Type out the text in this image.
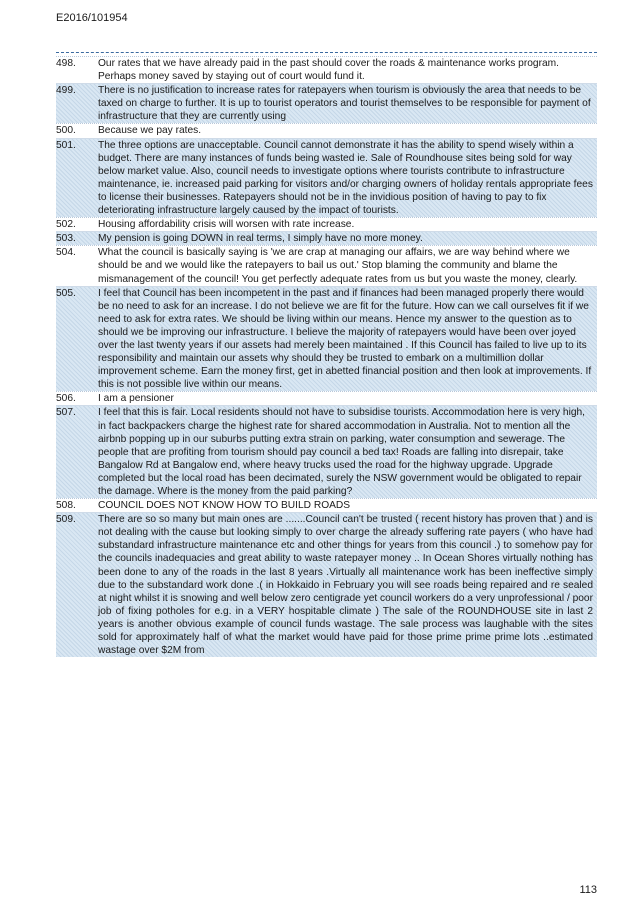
E2016/101954
498.	Our rates that we have already paid in the past should cover the roads & maintenance works program. Perhaps money saved by staying out of court would fund it.
499.	There is no justification to increase rates for ratepayers when tourism is obviously the area that needs to be taxed on charge to further. It is up to tourist operators and tourist themselves to be responsible for payment of infrastructure that they are currently using
500.	Because we pay rates.
501.	The three options are unacceptable. Council cannot demonstrate it has the ability to spend wisely within a budget. There are many instances of funds being wasted ie. Sale of Roundhouse sites being sold for way below market value. Also, council needs to investigate options where tourists contribute to infrastructure maintenance, ie. increased paid parking for visitors and/or charging owners of holiday rentals appropriate fees to license their businesses. Ratepayers should not be in the invidious position of having to pay to fix deteriorating infrastructure largely caused by the impact of tourists.
502.	Housing affordability crisis will worsen with rate increase.
503.	My pension is going DOWN in real terms, I simply have no more money.
504.	What the council is basically saying is 'we are crap at managing our affairs, we are way behind where we should be and we would like the ratepayers to bail us out.' Stop blaming the community and blame the mismanagement of the council! You get perfectly adequate rates from us but you waste the money, clearly.
505.	I feel that Council has been incompetent in the past and if finances had been managed properly there would be no need to ask for an increase. I do not believe we are fit for the future. How can we call ourselves fit if we need to ask for extra rates. We should be living within our means. Hence my answer to the question as to should we be improving our infrastructure. I believe the majority of ratepayers would have been over joyed over the last twenty years if our assets had merely been maintained . If this Council has failed to live up to its responsibility and maintain our assets why should they be trusted to embark on a multimillion dollar improvement scheme. Earn the money first, get in abetted financial position and then look at improvements. If this is not possible live within our means.
506.	I am a pensioner
507.	I feel that this is fair. Local residents should not have to subsidise tourists. Accommodation here is very high, in fact backpackers charge the highest rate for shared accommodation in Australia. Not to mention all the airbnb popping up in our suburbs putting extra strain on parking, water consumption and sewerage. The people that are profiting from tourism should pay council a bed tax! Roads are falling into disrepair, take Bangalow Rd at Bangalow end, where heavy trucks used the road for the highway upgrade. Upgrade completed but the local road has been decimated, surely the NSW government would be obligated to repair the damage. Where is the money from the paid parking?
508.	COUNCIL DOES NOT KNOW HOW TO BUILD ROADS
509.	There are so so many but main ones are .......Council can't be trusted ( recent history has proven that ) and is not dealing with the cause but looking simply to over charge the already suffering rate payers ( who have had substandard infrastructure maintenance etc and other things for years from this council .) to somehow pay for the councils inadequacies and great ability to waste ratepayer money .. In Ocean Shores virtually nothing has been done to any of the roads in the last 8 years .Virtually all maintenance work has been ineffective simply due to the substandard work done .( in Hokkaido in February you will see roads being repaired and re sealed at night whilst it is snowing and well below zero centigrade yet council workers do a very unprofessional / poor job of fixing potholes for e.g. in a VERY hospitable climate ) The sale of the ROUNDHOUSE site in last 2 years is another obvious example of council funds wastage. The sale process was laughable with the sites sold for approximately half of what the market would have paid for those prime prime prime lots ..estimated wastage over $2M from
113
